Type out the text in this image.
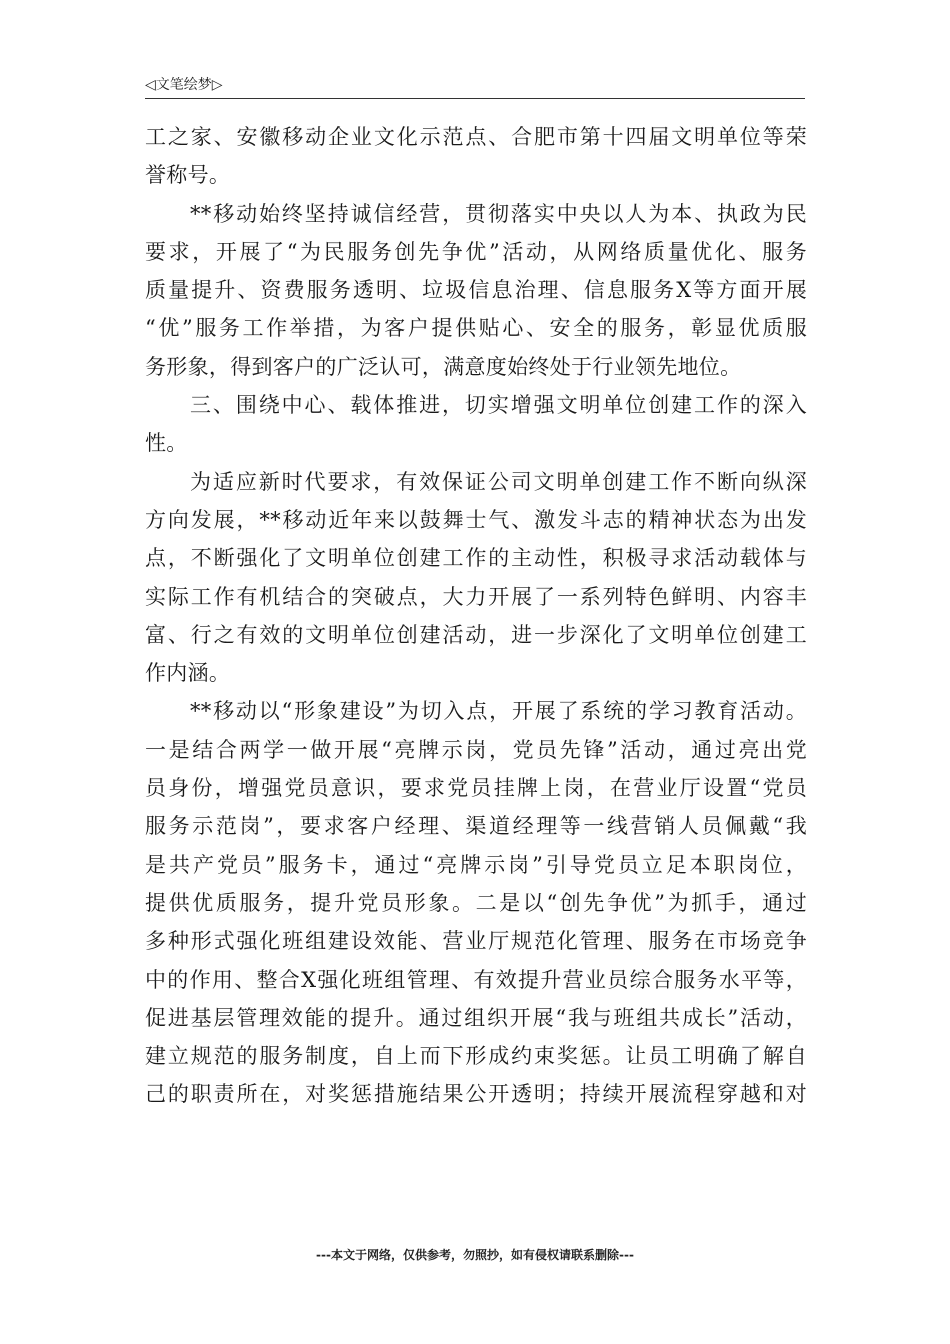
◁文笔绘梦▷
工之家、安徽移动企业文化示范点、合肥市第十四届文明单位等荣
誉称号。
**移动始终坚持诚信经营，贯彻落实中央以人为本、执政为民
要求，开展了“为民服务创先争优”活动，从网络质量优化、服务
质量提升、资费服务透明、垃圾信息治理、信息服务X等方面开展
“优”服务工作举措，为客户提供贴心、安全的服务，彰显优质服
务形象，得到客户的广泛认可，满意度始终处于行业领先地位。
三、围绕中心、载体推进，切实增强文明单位创建工作的深入
性。
为适应新时代要求，有效保证公司文明单创建工作不断向纵深
方向发展，**移动近年来以鼓舞士气、激发斗志的精神状态为出发
点，不断强化了文明单位创建工作的主动性，积极寻求活动载体与
实际工作有机结合的突破点，大力开展了一系列特色鲜明、内容丰
富、行之有效的文明单位创建活动，进一步深化了文明单位创建工
作内涵。
**移动以“形象建设”为切入点，开展了系统的学习教育活动。
一是结合两学一做开展“亮牌示岗，党员先锋”活动，通过亮出党
员身份，增强党员意识，要求党员挂牌上岗，在营业厅设置“党员
服务示范岗”，要求客户经理、渠道经理等一线营销人员佩戴“我
是共产党员”服务卡，通过“亮牌示岗”引导党员立足本职岗位，
提供优质服务，提升党员形象。二是以“创先争优”为抓手，通过
多种形式强化班组建设效能、营业厅规范化管理、服务在市场竞争
中的作用、整合X强化班组管理、有效提升营业员综合服务水平等，
促进基层管理效能的提升。通过组织开展“我与班组共成长”活动，
建立规范的服务制度，自上而下形成约束奖惩。让员工明确了解自
己的职责所在，对奖惩措施结果公开透明；持续开展流程穿越和对
---本文于网络，仅供参考，勿照抄，如有侵权请联系删除---
